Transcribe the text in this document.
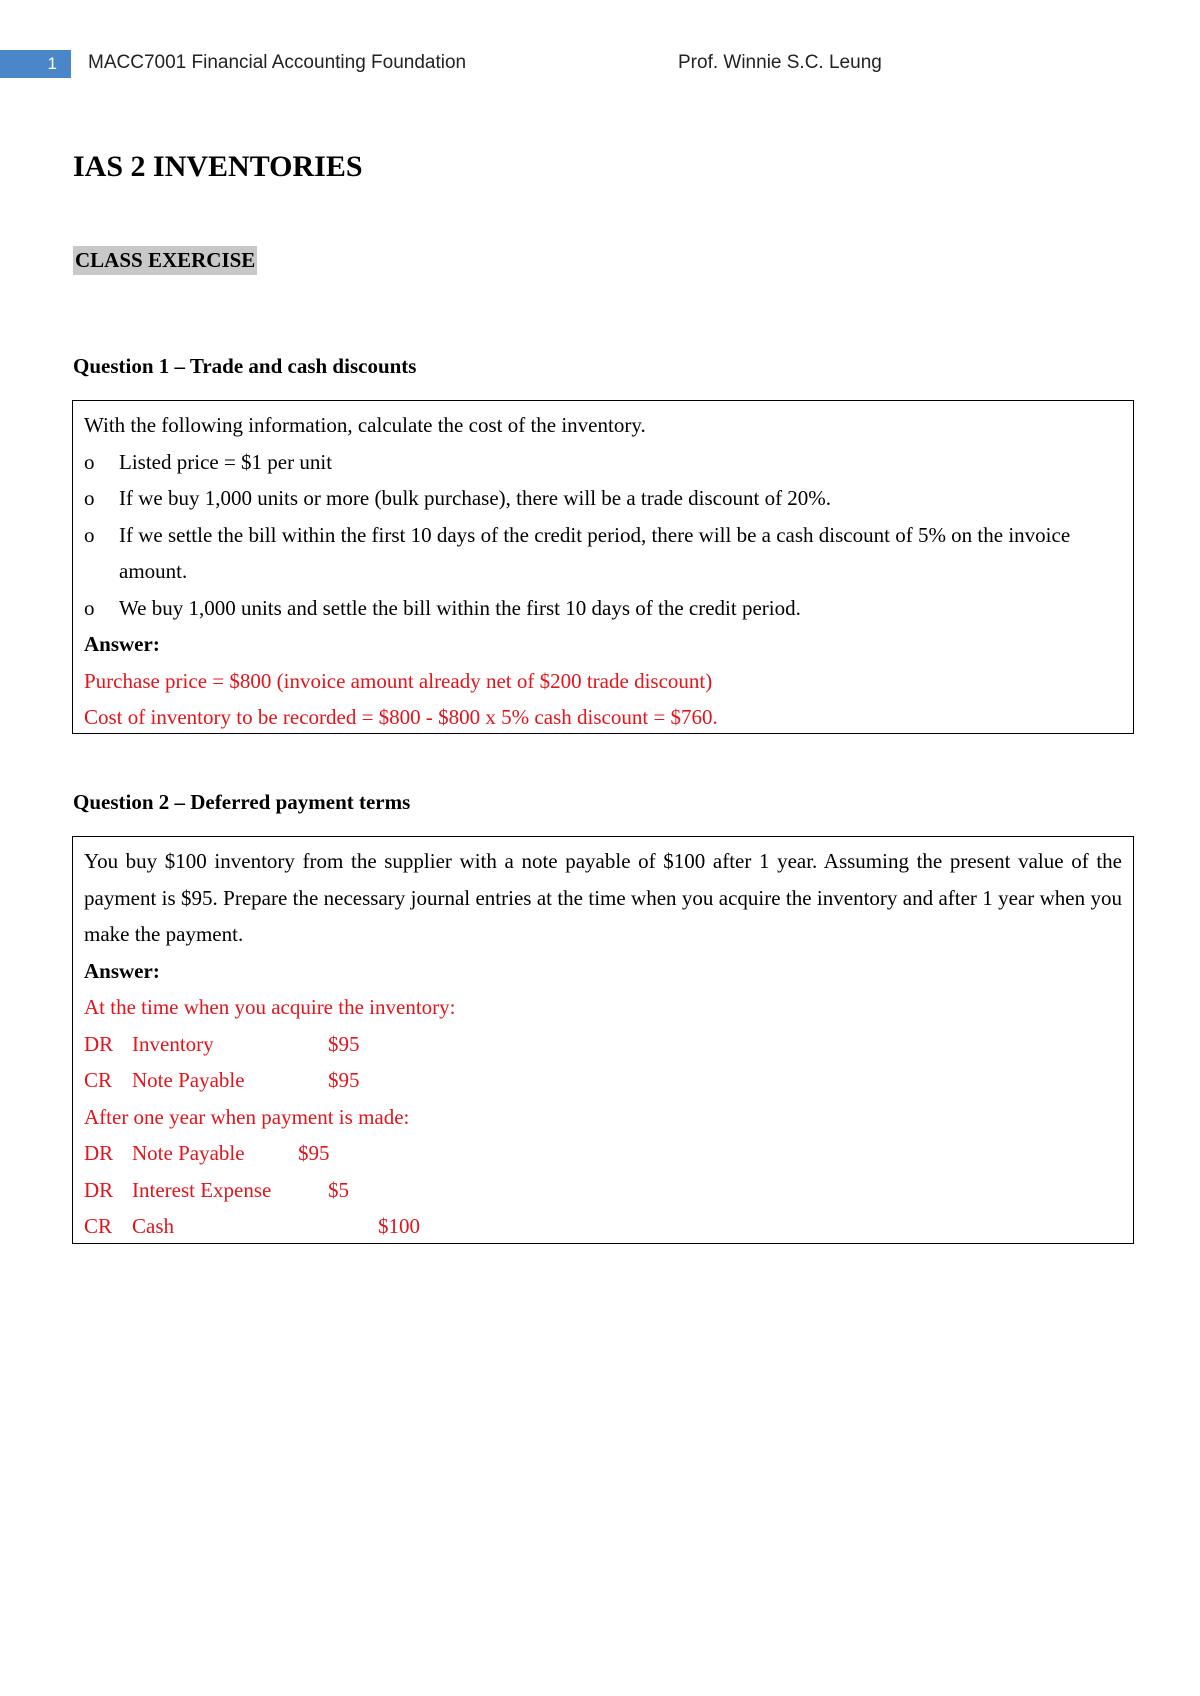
1	MACC7001 Financial Accounting Foundation	Prof. Winnie S.C. Leung
IAS 2 INVENTORIES
CLASS EXERCISE
Question 1 – Trade and cash discounts
With the following information, calculate the cost of the inventory.
o	Listed price = $1 per unit
o	If we buy 1,000 units or more (bulk purchase), there will be a trade discount of 20%.
o	If we settle the bill within the first 10 days of the credit period, there will be a cash discount of 5% on the invoice amount.
o	We buy 1,000 units and settle the bill within the first 10 days of the credit period.
Answer:
Purchase price = $800 (invoice amount already net of $200 trade discount)
Cost of inventory to be recorded = $800 - $800 x 5% cash discount = $760.
Question 2 – Deferred payment terms
You buy $100 inventory from the supplier with a note payable of $100 after 1 year. Assuming the present value of the payment is $95. Prepare the necessary journal entries at the time when you acquire the inventory and after 1 year when you make the payment.
Answer:
At the time when you acquire the inventory:
DR Inventory	$95
CR Note Payable	$95
After one year when payment is made:
DR Note Payable	$95
DR Interest Expense	$5
CR Cash	$100
